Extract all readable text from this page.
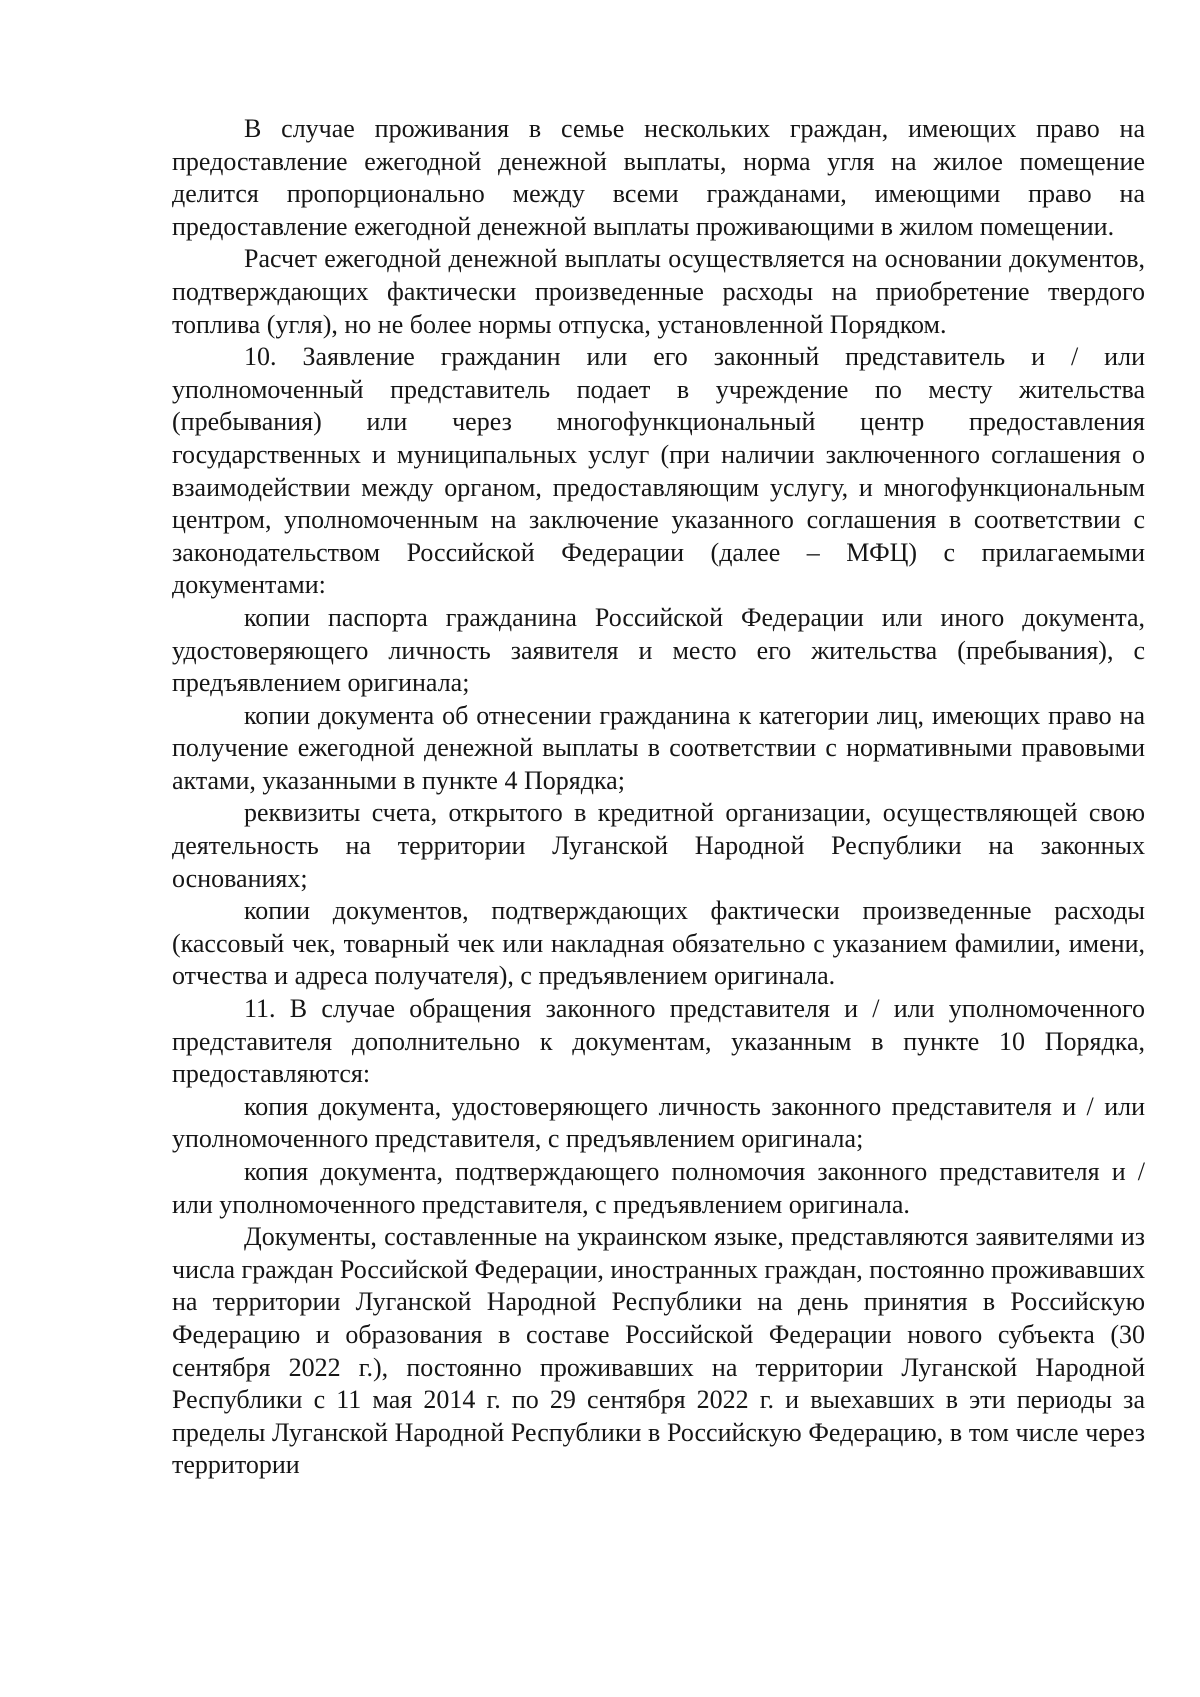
В случае проживания в семье нескольких граждан, имеющих право на предоставление ежегодной денежной выплаты, норма угля на жилое помещение делится пропорционально между всеми гражданами, имеющими право на предоставление ежегодной денежной выплаты проживающими в жилом помещении.

Расчет ежегодной денежной выплаты осуществляется на основании документов, подтверждающих фактически произведенные расходы на приобретение твердого топлива (угля), но не более нормы отпуска, установленной Порядком.

10. Заявление гражданин или его законный представитель и / или уполномоченный представитель подает в учреждение по месту жительства (пребывания) или через многофункциональный центр предоставления государственных и муниципальных услуг (при наличии заключенного соглашения о взаимодействии между органом, предоставляющим услугу, и многофункциональным центром, уполномоченным на заключение указанного соглашения в соответствии с законодательством Российской Федерации (далее – МФЦ) с прилагаемыми документами:

копии паспорта гражданина Российской Федерации или иного документа, удостоверяющего личность заявителя и место его жительства (пребывания), с предъявлением оригинала;

копии документа об отнесении гражданина к категории лиц, имеющих право на получение ежегодной денежной выплаты в соответствии с нормативными правовыми актами, указанными в пункте 4 Порядка;

реквизиты счета, открытого в кредитной организации, осуществляющей свою деятельность на территории Луганской Народной Республики на законных основаниях;

копии документов, подтверждающих фактически произведенные расходы (кассовый чек, товарный чек или накладная обязательно с указанием фамилии, имени, отчества и адреса получателя), с предъявлением оригинала.

11. В случае обращения законного представителя и / или уполномоченного представителя дополнительно к документам, указанным в пункте 10 Порядка, предоставляются:

копия документа, удостоверяющего личность законного представителя и / или уполномоченного представителя, с предъявлением оригинала;

копия документа, подтверждающего полномочия законного представителя и / или уполномоченного представителя, с предъявлением оригинала.

Документы, составленные на украинском языке, представляются заявителями из числа граждан Российской Федерации, иностранных граждан, постоянно проживавших на территории Луганской Народной Республики на день принятия в Российскую Федерацию и образования в составе Российской Федерации нового субъекта (30 сентября 2022 г.), постоянно проживавших на территории Луганской Народной Республики с 11 мая 2014 г. по 29 сентября 2022 г. и выехавших в эти периоды за пределы Луганской Народной Республики в Российскую Федерацию, в том числе через территории
